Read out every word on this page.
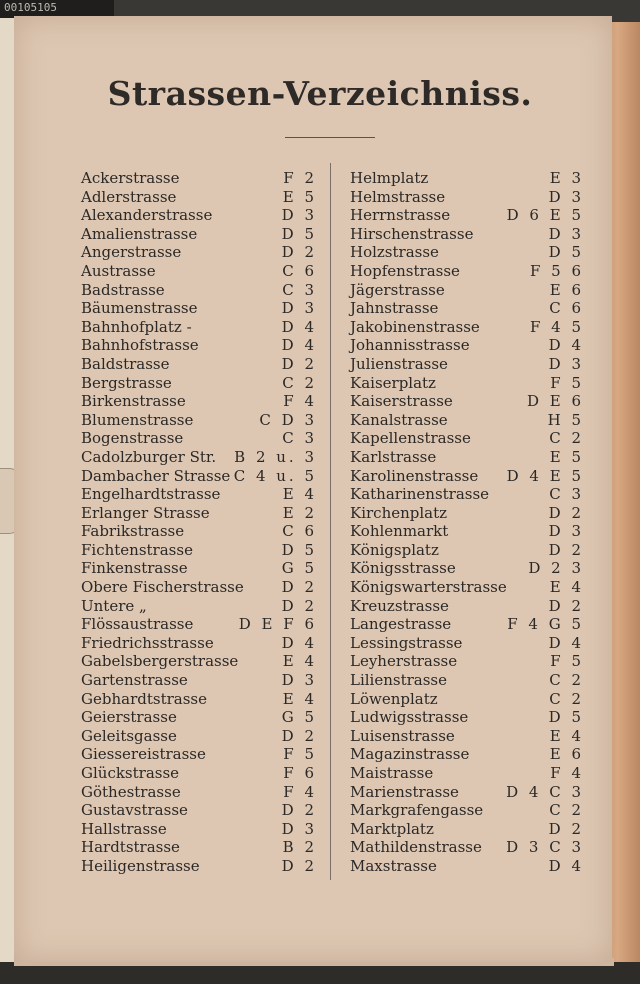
00105105
Strassen-Verzeichniss.
Ackerstrasse	F 2
Adlerstrasse	E 5
Alexanderstrasse	D 3
Amalienstrasse	D 5
Angerstrasse	D 2
Austrasse	C 6
Badstrasse	C 3
Bäumenstrasse	D 3
Bahnhofplatz -	D 4
Bahnhofstrasse	D 4
Baldstrasse	D 2
Bergstrasse	C 2
Birkenstrasse	F 4
Blumenstrasse	C D 3
Bogenstrasse	C 3
Cadolzburger Str. B 2 u. 3
Dambacher Strasse C 4 u. 5
Engelhardtstrasse	E 4
Erlanger Strasse	E 2
Fabrikstrasse	C 6
Fichtenstrasse	D 5
Finkenstrasse	G 5
Obere Fischerstrasse	D 2
Untere „	D 2
Flössaustrasse	D E F 6
Friedrichsstrasse	D 4
Gabelsbergerstrasse	E 4
Gartenstrasse	D 3
Gebhardtstrasse	E 4
Geierstrasse	G 5
Geleitsgasse	D 2
Giessereistrasse	F 5
Glückstrasse	F 6
Göthestrasse	F 4
Gustavstrasse	D 2
Hallstrasse	D 3
Hardtstrasse	B 2
Heiligenstrasse	D 2
Helmplatz	E 3
Helmstrasse	D 3
Herrnstrasse	D 6 E 5
Hirschenstrasse	D 3
Holzstrasse	D 5
Hopfenstrasse	F 5 6
Jägerstrasse	E 6
Jahnstrasse	C 6
Jakobinenstrasse	F 4 5
Johannisstrasse	D 4
Julienstrasse	D 3
Kaiserplatz	F 5
Kaiserstrasse	D E 6
Kanalstrasse	H 5
Kapellenstrasse	C 2
Karlstrasse	E 5
Karolinenstrasse D 4 E 5
Katharinenstrasse	C 3
Kirchenplatz	D 2
Kohlenmarkt	D 3
Königsplatz	D 2
Königsstrasse	D 2 3
Königswarterstrasse	E 4
Kreuzstrasse	D 2
Langestrasse	F 4 G 5
Lessingstrasse	D 4
Leyherstrasse	F 5
Lilienstrasse	C 2
Löwenplatz	C 2
Ludwigsstrasse	D 5
Luisenstrasse	E 4
Magazinstrasse	E 6
Maistrasse	F 4
Marienstrasse	D 4 C 3
Markgrafengasse	C 2
Marktplatz	D 2
Mathildenstrasse D 3 C 3
Maxstrasse	D 4
